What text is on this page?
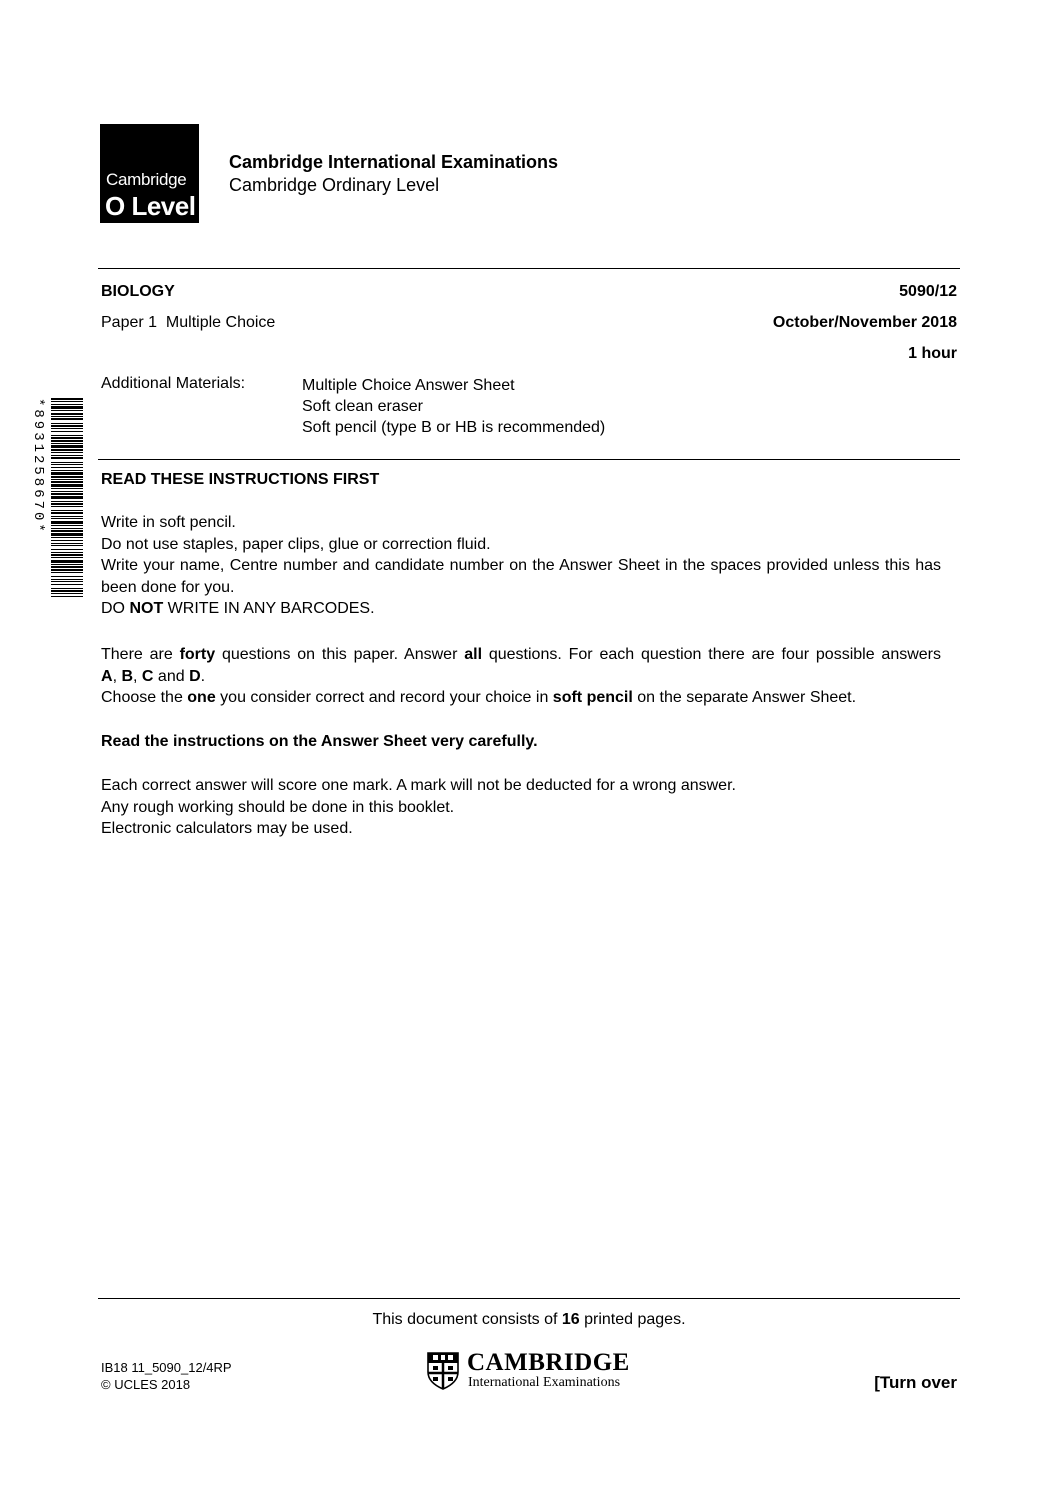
Cambridge
O Level
Cambridge International Examinations
Cambridge Ordinary Level
BIOLOGY	5090/12
Paper 1  Multiple Choice	October/November 2018
1 hour
Additional Materials:	Multiple Choice Answer Sheet
Soft clean eraser
Soft pencil (type B or HB is recommended)
*8931258670*	READ THESE INSTRUCTIONS FIRST
Write in soft pencil.
Do not use staples, paper clips, glue or correction fluid.
Write your name, Centre number and candidate number on the Answer Sheet in the spaces provided unless this has been done for you.
DO NOT WRITE IN ANY BARCODES.
There are forty questions on this paper. Answer all questions. For each question there are four possible answers A, B, C and D.
Choose the one you consider correct and record your choice in soft pencil on the separate Answer Sheet.
Read the instructions on the Answer Sheet very carefully.
Each correct answer will score one mark. A mark will not be deducted for a wrong answer.
Any rough working should be done in this booklet.
Electronic calculators may be used.
This document consists of 16 printed pages.
IB18 11_5090_12/4RP
© UCLES 2018
CAMBRIDGE
International Examinations	[Turn over
